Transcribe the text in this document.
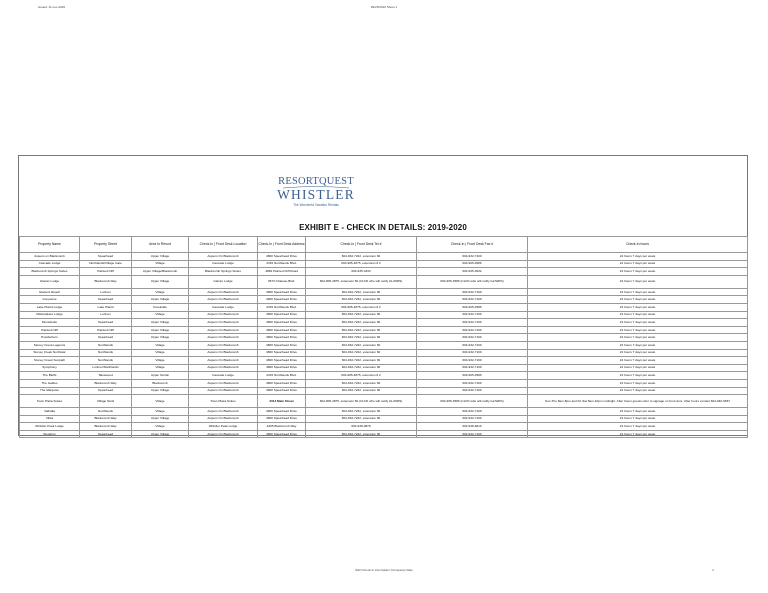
Issued: 11-nov-2020	09/25/2020 Sheet 1
RESORTQUEST
WHISTLER
The Wonderful Vacation Rentals
EXHIBIT E - CHECK IN DETAILS: 2019-2020
Property Name	Property Street	Area In Resort	Check-In | Front Desk Location	Check-In | Front Desk Address	Check-In | Front Desk Tel #	Check-In | Front Desk Fax #	Check-In hours
Aspens on Blackcomb	Spearhead	Upper Village	Aspens On Blackcomb	4800 Spearhead Drive	604-932-7222, extension 60	604-932-7100	24 hours 7 days per week
Cascade Lodge	Northlands/Village Gate	Village	Cascade Lodge	4315 Northlands Blvd.	604-905-4875, extension # 2	604-905-4586	24 hours 7 days per week
Blackcomb Springs Suites	Painted Cliff	Upper Village/Blackcomb	Blackcomb Springs Suites	4899 Painted Cliff Road	604-935-3333	604-935-3032	24 hours 7 days per week
Glacier Lodge	Blackcomb Way	Upper Village	Glacier Lodge	4573 Chateau Blvd.	604-905-4875, extension 60 (CLFD who will notify GL/WRS)	604-905-4586 (CLFD who will notify GL/WRS)	24 hours 7 days per week
Glaciers Reach	Lorimer	Village	Aspens On Blackcomb	4800 Spearhead Drive	604-932-7222, extension 60	604-932-7100	24 hours 7 days per week
Greystone	Spearhead	Upper Village	Aspens On Blackcomb	4800 Spearhead Drive	604-932-7222, extension 60	604-932-7100	24 hours 7 days per week
Lake Placid Lodge	Lake Placid	Creekside	Cascade Lodge	4315 Northlands Blvd.	604-905-4875, extension # 2	604-905-4586	24 hours 7 days per week
Marketplace Lodge	Lorimer	Village	Aspens On Blackcomb	4800 Spearhead Drive	604-932-7222, extension 60	604-932-7100	24 hours 7 days per week
Montebello	Spearhead	Upper Village	Aspens On Blackcomb	4800 Spearhead Drive	604-932-7222, extension 60	604-932-7100	24 hours 7 days per week
Painted Cliff	Painted Cliff	Upper Village	Aspens On Blackcomb	4800 Spearhead Drive	604-932-7222, extension 60	604-932-7100	24 hours 7 days per week
Powderhorn	Spearhead	Upper Village	Aspens On Blackcomb	4800 Spearhead Drive	604-932-7222, extension 60	604-932-7100	24 hours 7 days per week
Stoney Creek Lagoons	Northlands	Village	Aspens On Blackcomb	4800 Spearhead Drive	604-932-7222, extension 60	604-932-7100	24 hours 7 days per week
Stoney Creek Northstar	Northlands	Village	Aspens On Blackcomb	4800 Spearhead Drive	604-932-7222, extension 60	604-932-7100	24 hours 7 days per week
Stoney Creek Sunpath	Northlands	Village	Aspens On Blackcomb	4800 Spearhead Drive	604-932-7222, extension 60	604-932-7100	24 hours 7 days per week
Symphony	Lorimer/Northlands	Village	Aspens On Blackcomb	4800 Spearhead Drive	604-932-7222, extension 60	604-932-7100	24 hours 7 days per week
The Bluffs	Taluswood	Upper Nordic	Cascade Lodge	4315 Northlands Blvd.	604-905-4875, extension # 2	604-905-4586	24 hours 7 days per week
The Gables	Blackcomb Way	Blackcomb	Aspens On Blackcomb	4800 Spearhead Drive	604-932-7222, extension 60	604-932-7100	24 hours 7 days per week
The Marquise	Spearhead	Upper Village	Aspens On Blackcomb	4800 Spearhead Drive	604-932-7222, extension 60	604-932-7100	24 hours 7 days per week
Town Plaza Suites	Village Stroll	Village	Town Plaza Suites	4314 Main Street	604-905-4875, extension 60 (CLFD who will notify GL/WRS)	604-905-4586 (CLFD who will notify GL/WRS)	Sun-Thu 8am-8pm and Fri-Sat 8am-10pm midnight. After hours guests refer to signage on front door. After hours contact 604-940-5667
Valhalla	Northlands	Village	Aspens On Blackcomb	4800 Spearhead Drive	604-932-7222, extension 60	604-932-7100	24 hours 7 days per week
Villas	Blackcomb Way	Upper Village	Aspens On Blackcomb	4800 Spearhead Drive	604-932-7222, extension 60	604-932-7100	24 hours 7 days per week
Whistler Peak Lodge	Blackcomb Way	Village	Whistler Peak Lodge	4295 Blackcomb Way	604-938-0878	604-938-6610	24 hours 7 days per week
Woodrun	Spearhead	Upper Village	Aspens On Blackcomb	4800 Spearhead Drive	604-932-7222, extension 60	604-932-7100	24 hours 7 days per week
S&O Check In information Occupancy Rate	4
